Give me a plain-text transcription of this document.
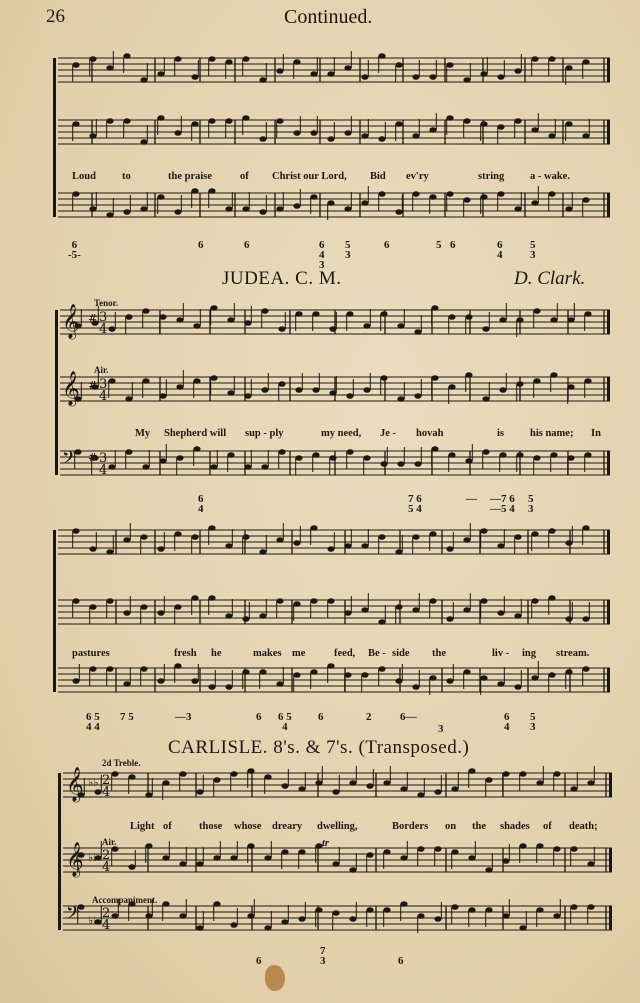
26	Continued.
𝄞 # 3
4
𝄞 # 3
4
𝄢 # 3
4
𝄞 ♭♭ 2
4
𝄞 ♭♭ 2
4
𝄢 ♭♭ 2
4
JUDEA. C. M.	D. Clark.
CARLISLE. 8's. & 7's. (Transposed.)
Tenor.
Air.
2d Treble.
Air.
Accompaniment.
Loud to	the praise	of Christ our Lord, Bid ev'ry	string a - wake.
My Shepherd will sup - ply	my need, Je - hovah	is his name; In
pastures	fresh he	makes me	feed, Be - side the	liv - ing stream.
Light of	those whose dreary dwelling,	Borders on the shades of death;
tr
6
-5-
6	6	6
4
3
5
3
6	5 6	6
4
5
3
6
4
7 6
5 4
— —7 6
—5 4
5
3
6 5
4 4
7 5	—3	6 6 5
4
6	2	6—
3
6
4
5
3
6
7
3	6
